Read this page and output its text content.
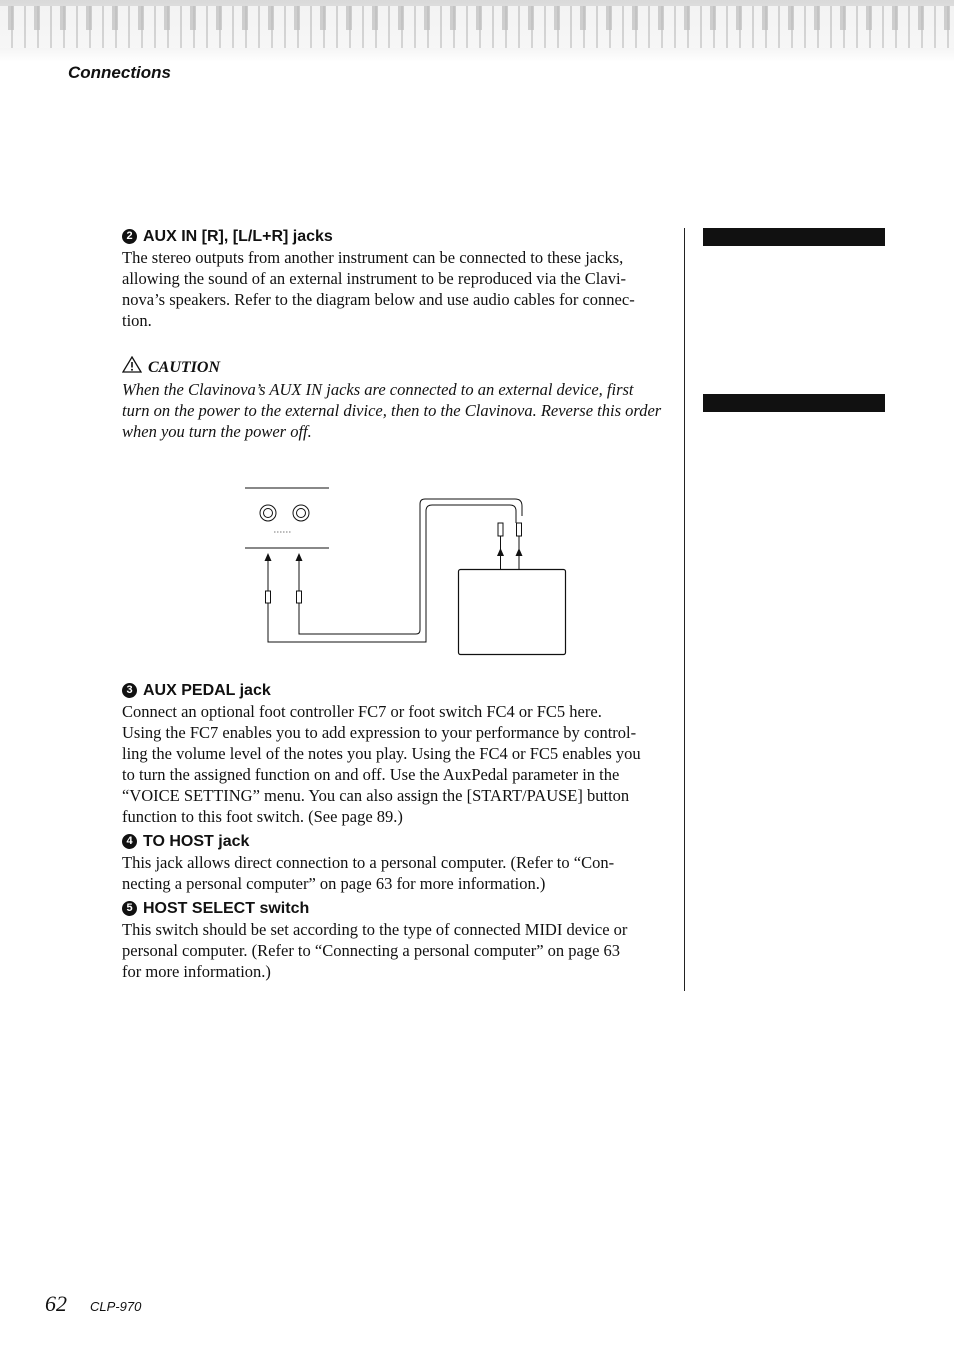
Connections

2 AUX IN [R], [L/L+R] jacks

The stereo outputs from another instrument can be connected to these jacks,

allowing the sound of an external instrument to be reproduced via the Clavi-

nova’s speakers. Refer to the diagram below and use audio cables for connec-

tion.

CAUTION

When the Clavinova’s AUX IN jacks are connected to an external device, first

turn on the power to the external divice, then to the Clavinova. Reverse this order

when you turn the power off.

3 AUX PEDAL jack

Connect an optional foot controller FC7 or foot switch FC4 or FC5 here.

Using the FC7 enables you to add expression to your performance by control-

ling the volume level of the notes you play. Using the FC4 or FC5 enables you

to turn the assigned function on and off. Use the AuxPedal parameter in the

“VOICE SETTING” menu. You can also assign the [START/PAUSE] button

function to this foot switch. (See page 89.)

4 TO HOST jack

This jack allows direct connection to a personal computer. (Refer to “Con-

necting a personal computer” on page 63 for more information.)

5 HOST SELECT switch

This switch should be set according to the type of connected MIDI device or

personal computer. (Refer to “Connecting a personal computer” on page 63

for more information.)

62 CLP-970
